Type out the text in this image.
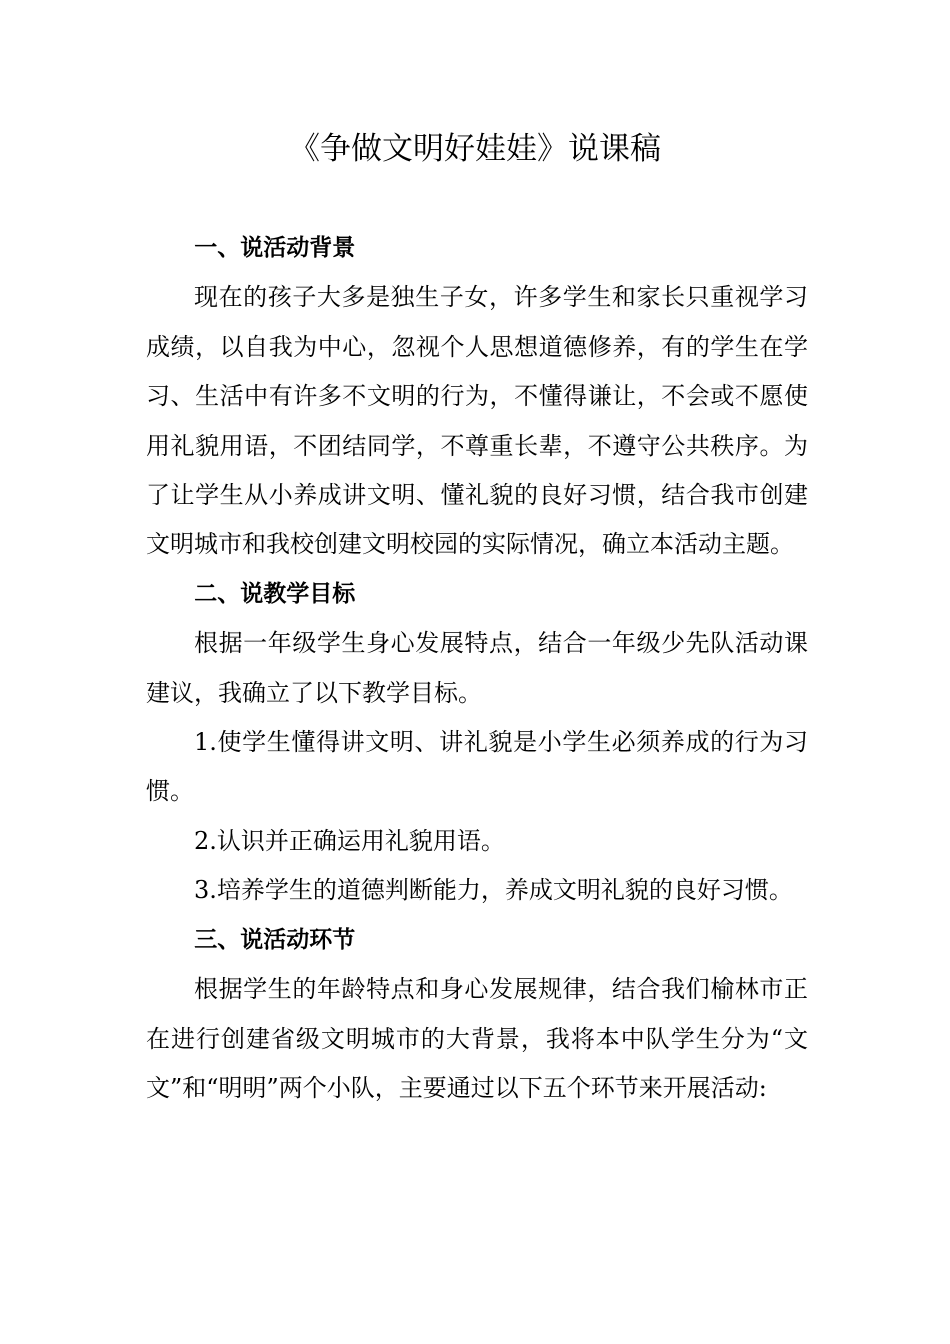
《争做文明好娃娃》说课稿
一、说活动背景

现在的孩子大多是独生子女，许多学生和家长只重视学习成绩，以自我为中心，忽视个人思想道德修养，有的学生在学习、生活中有许多不文明的行为，不懂得谦让，不会或不愿使用礼貌用语，不团结同学，不尊重长辈，不遵守公共秩序。为了让学生从小养成讲文明、懂礼貌的良好习惯，结合我市创建文明城市和我校创建文明校园的实际情况，确立本活动主题。

二、说教学目标

根据一年级学生身心发展特点，结合一年级少先队活动课建议，我确立了以下教学目标。

1.使学生懂得讲文明、讲礼貌是小学生必须养成的行为习惯。

2.认识并正确运用礼貌用语。

3.培养学生的道德判断能力，养成文明礼貌的良好习惯。

三、说活动环节

根据学生的年龄特点和身心发展规律，结合我们榆林市正在进行创建省级文明城市的大背景，我将本中队学生分为“文文”和“明明”两个小队，主要通过以下五个环节来开展活动:
